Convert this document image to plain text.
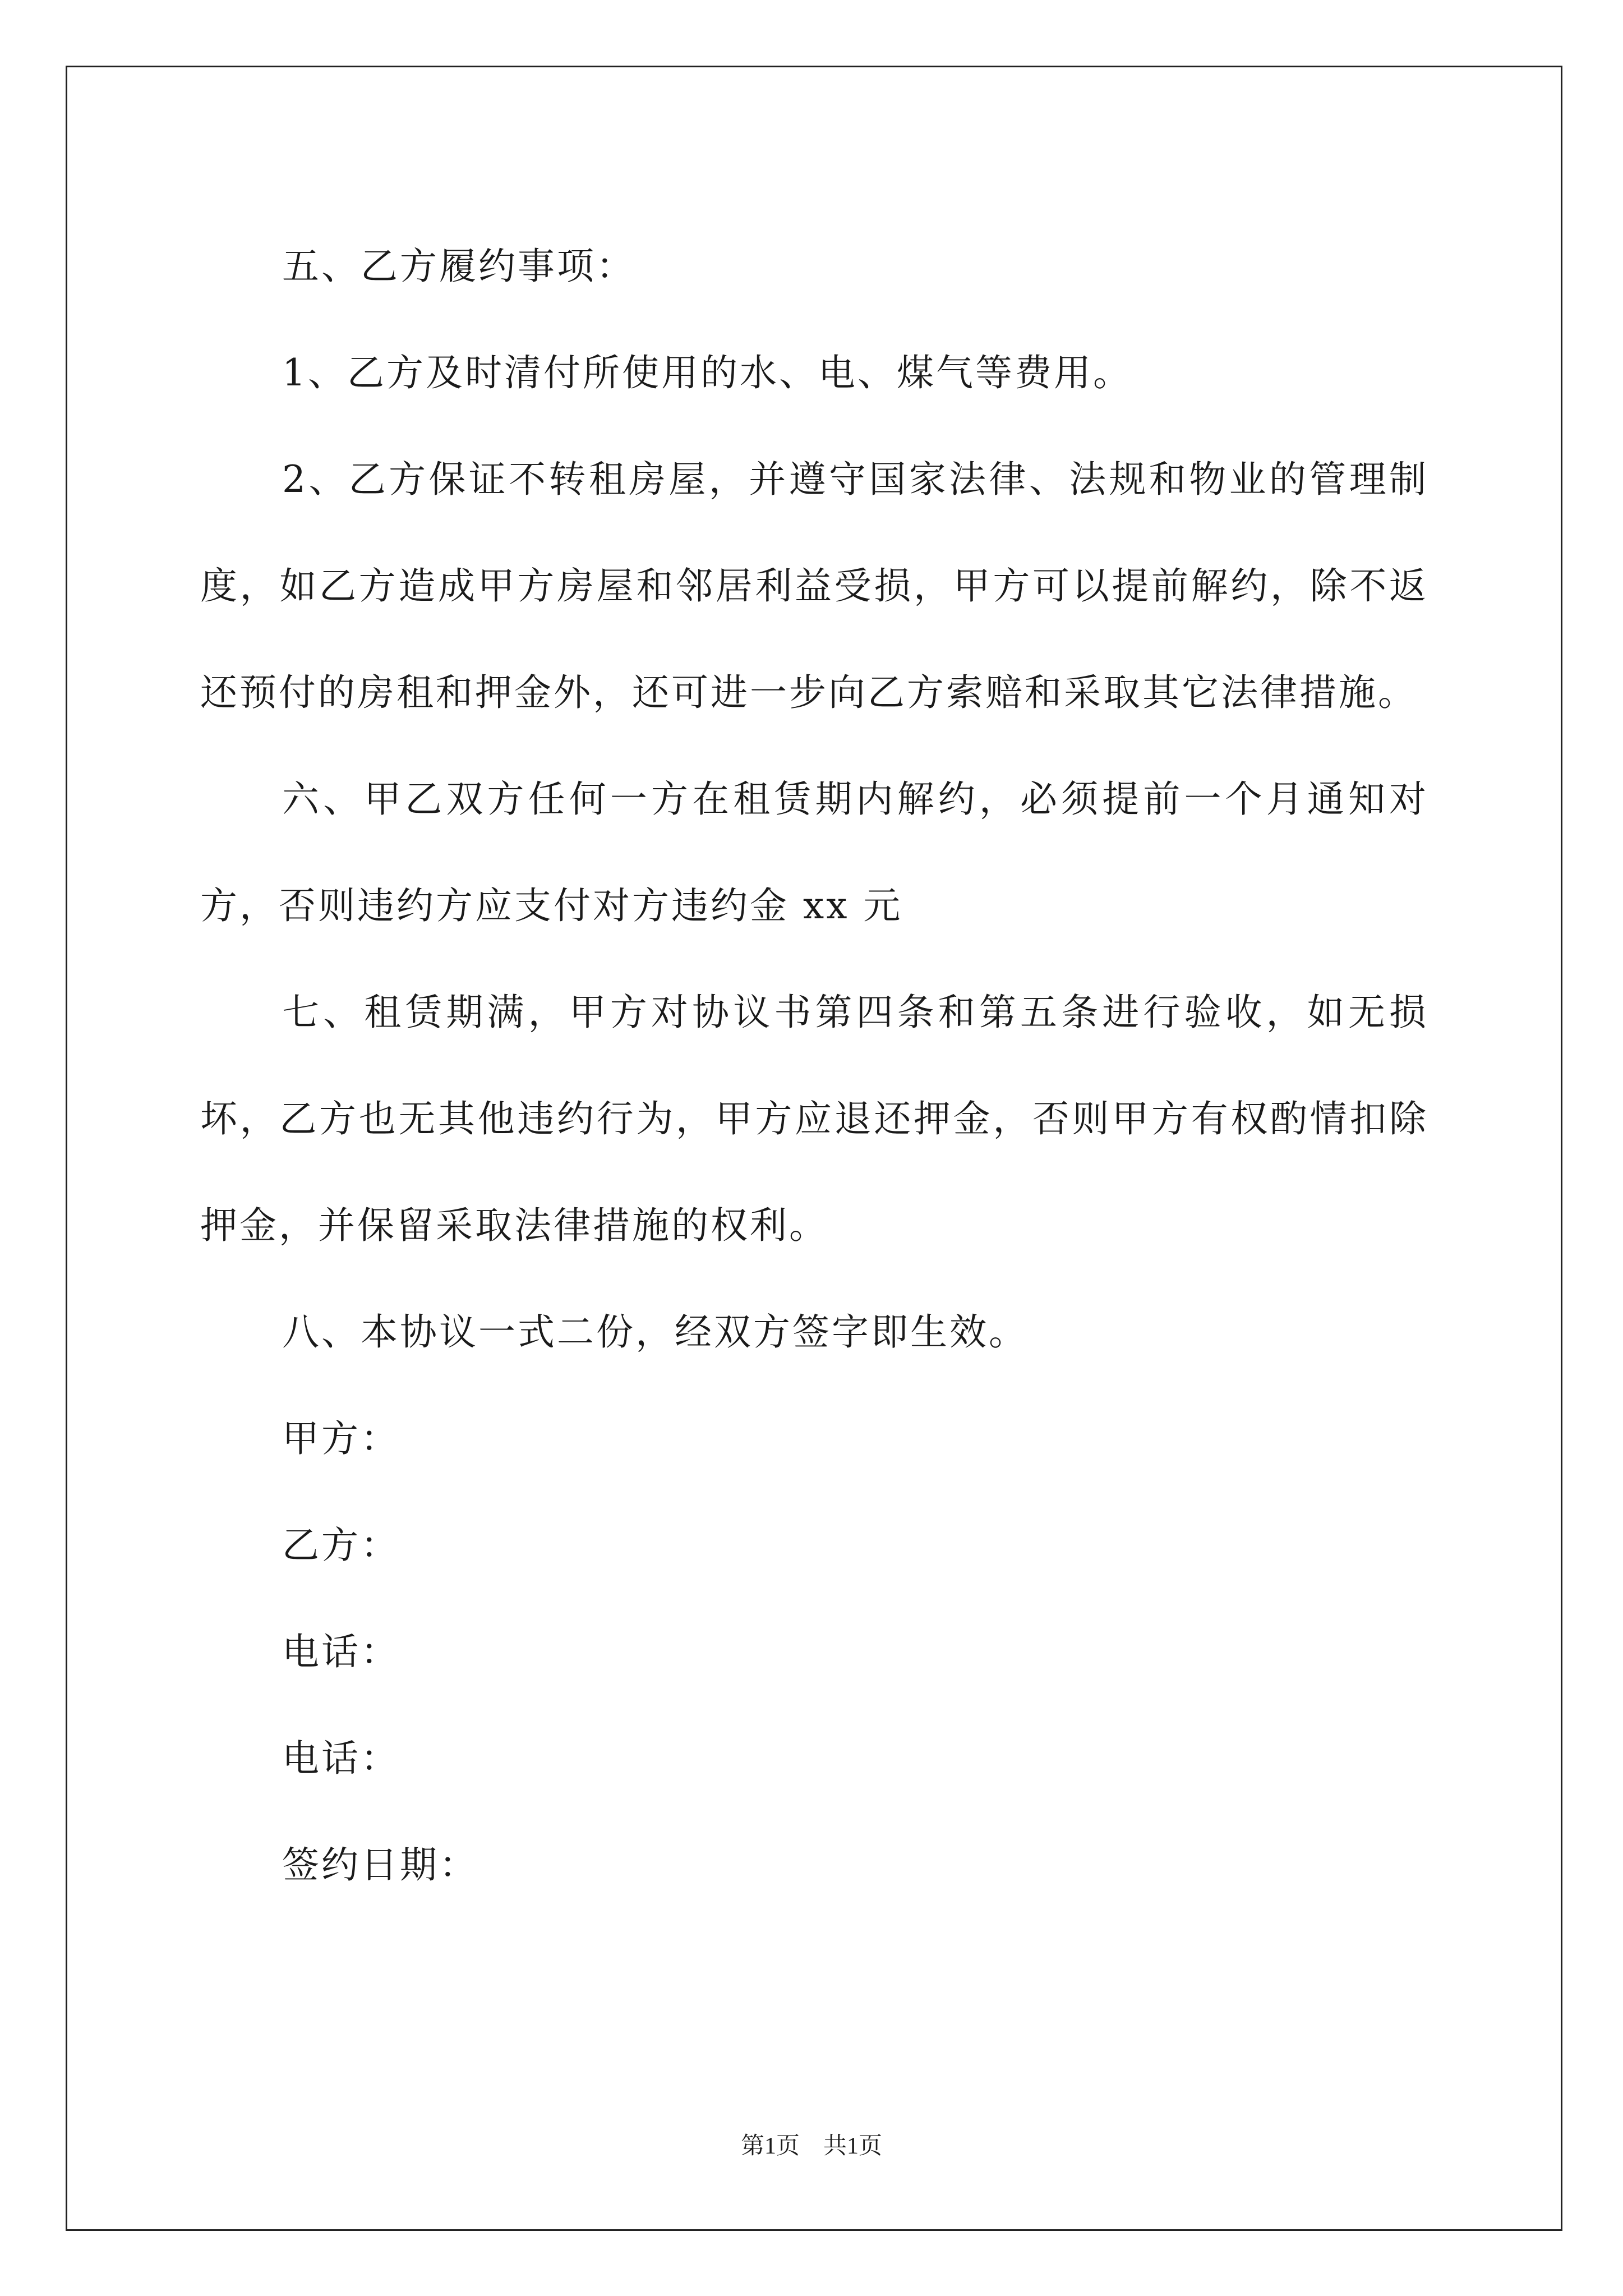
五、乙方履约事项：

1、乙方及时清付所使用的水、电、煤气等费用。

2、乙方保证不转租房屋，并遵守国家法律、法规和物业的管理制度，如乙方造成甲方房屋和邻居利益受损，甲方可以提前解约，除不返还预付的房租和押金外，还可进一步向乙方索赔和采取其它法律措施。

六、甲乙双方任何一方在租赁期内解约，必须提前一个月通知对方，否则违约方应支付对方违约金 xx 元

七、租赁期满，甲方对协议书第四条和第五条进行验收，如无损坏，乙方也无其他违约行为，甲方应退还押金，否则甲方有权酌情扣除押金，并保留采取法律措施的权利。

八、本协议一式二份，经双方签字即生效。

甲方：

乙方：

电话：

电话：

签约日期：

第1页 共1页
